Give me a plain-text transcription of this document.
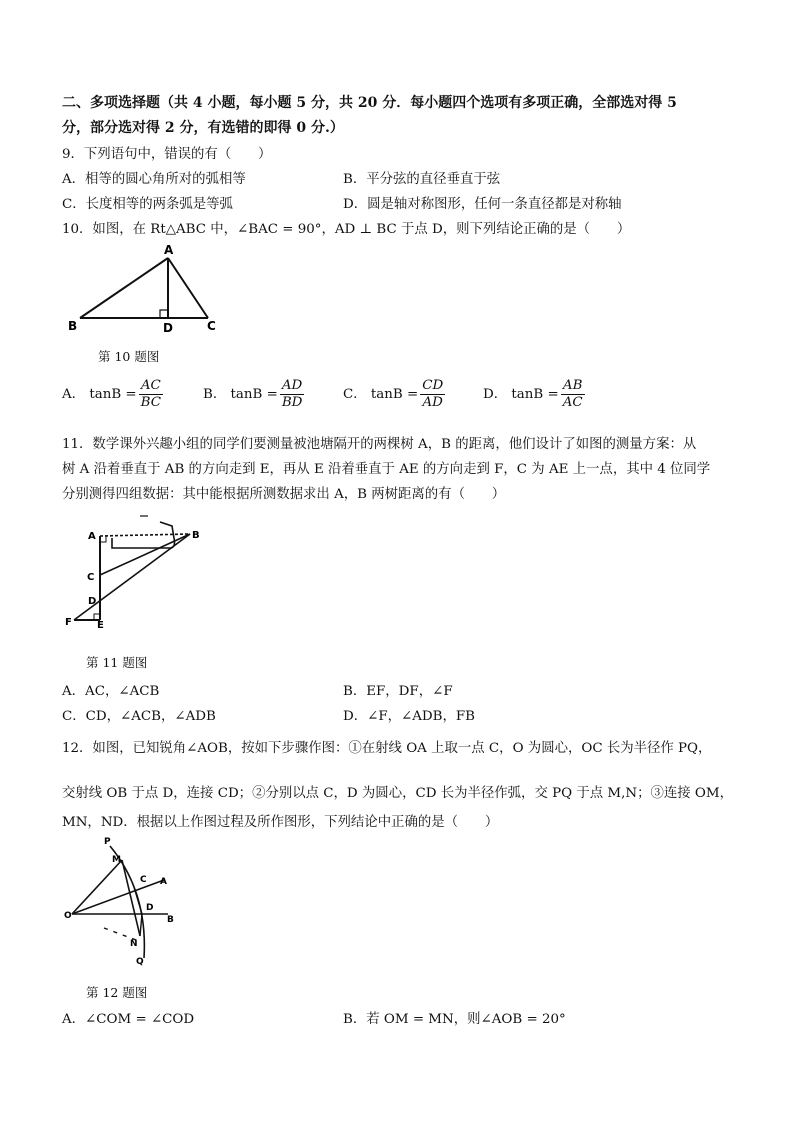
二、多项选择题（共 4 小题，每小题 5 分，共 20 分．每小题四个选项有多项正确，全部选对得 5
分，部分选对得 2 分，有选错的即得 0 分.）
9．下列语句中，错误的有（　　）
A．相等的圆心角所对的弧相等	B．平分弦的直径垂直于弦
C．长度相等的两条弧是等弧	D．圆是轴对称图形，任何一条直径都是对称轴
10．如图，在 Rt△ABC 中，∠BAC = 90°，AD ⊥ BC 于点 D，则下列结论正确的是（　　）
A
B	D	C
第 10 题图
A． $\tan B = \frac{AC}{BC}$	B． $\tan B = \frac{AD}{BD}$	C． $\tan B = \frac{CD}{AD}$	D． $\tan B = \frac{AB}{AC}$
11．数学课外兴趣小组的同学们要测量被池塘隔开的两棵树 A，B 的距离，他们设计了如图的测量方案：从
树 A 沿着垂直于 AB 的方向走到 E，再从 E 沿着垂直于 AE 的方向走到 F，C 为 AE 上一点，其中 4 位同学
分别测得四组数据：其中能根据所测数据求出 A，B 两树距离的有（　　）
A	B
C
D
E
F
第 11 题图
A．AC，∠ACB	B．EF，DF，∠F
C．CD，∠ACB，∠ADB	D．∠F，∠ADB，FB
12．如图，已知锐角∠AOB，按如下步骤作图：①在射线 OA 上取一点 C，O 为圆心，OC 长为半径作 PQ，
交射线 OB 于点 D，连接 CD；②分别以点 C，D 为圆心，CD 长为半径作弧，交 PQ 于点 M,N；③连接 OM，
MN，ND．根据以上作图过程及所作图形，下列结论中正确的是（　　）
P
M
C A
O
D
B
N
Q
第 12 题图
A．∠COM = ∠COD	B．若 OM = MN，则∠AOB = 20°
